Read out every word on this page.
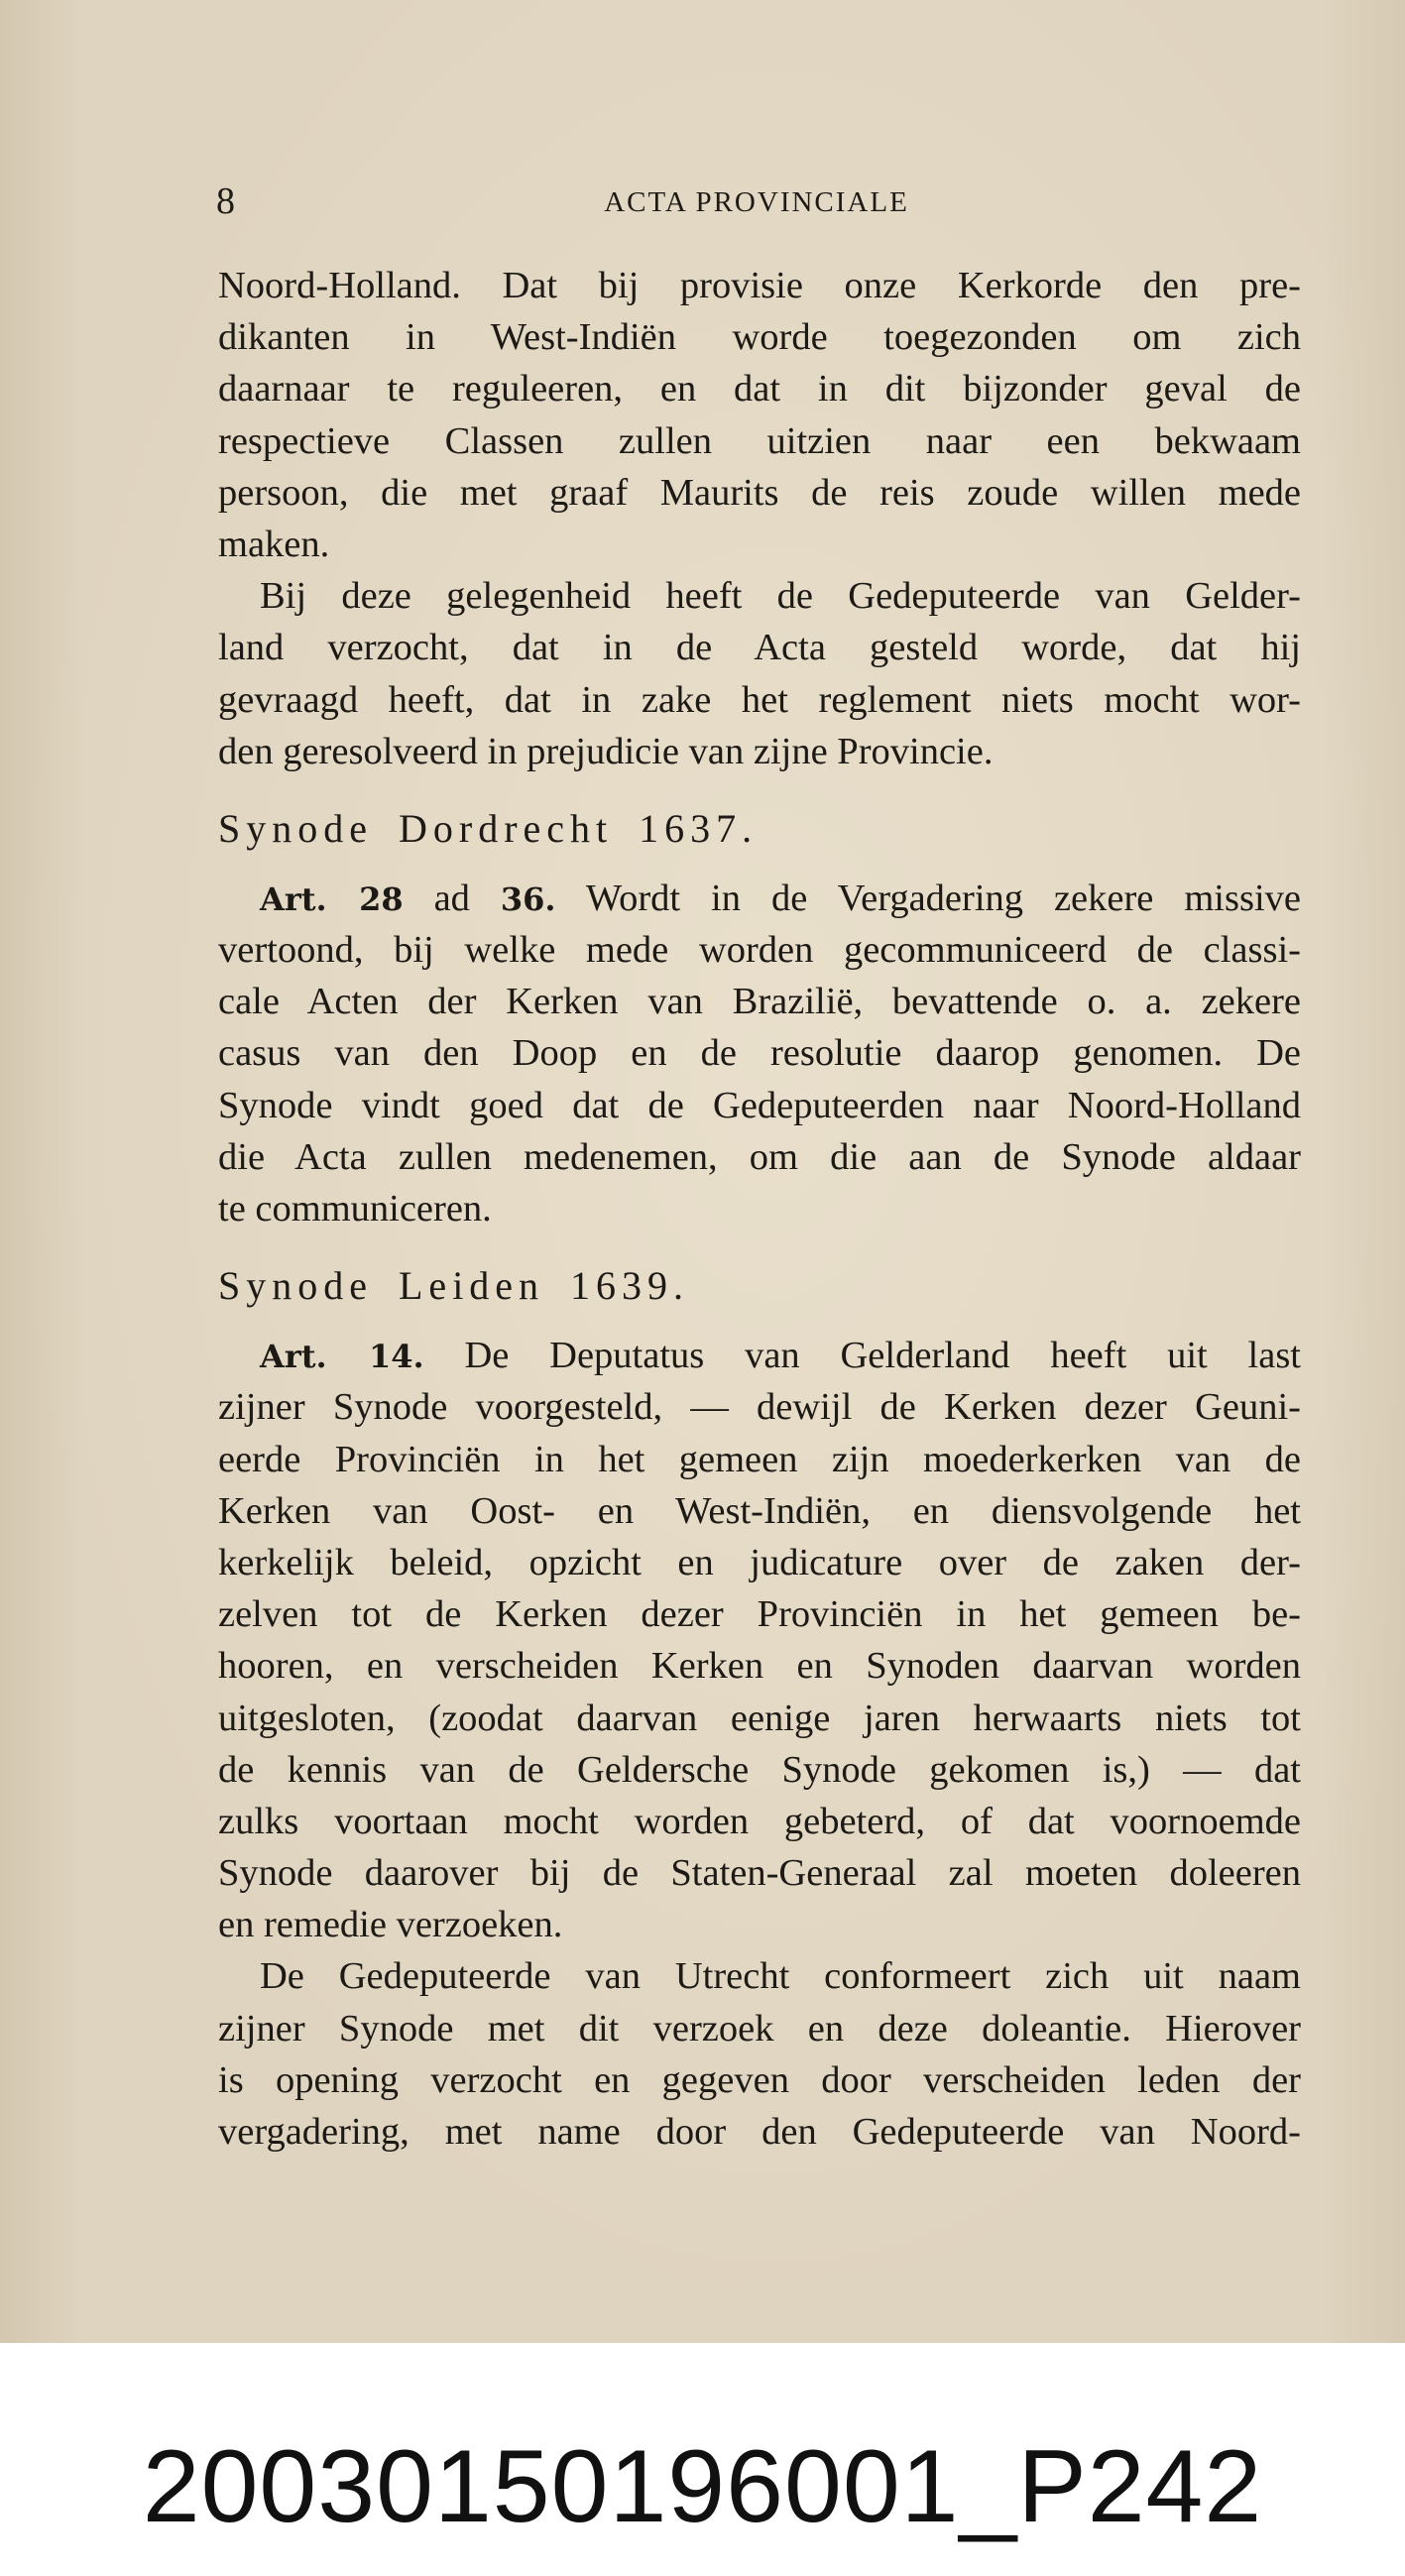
8	ACTA PROVINCIALE
Noord-Holland. Dat bij provisie onze Kerkorde den pre-
dikanten in West-Indiën worde toegezonden om zich
daarnaar te reguleeren, en dat in dit bijzonder geval de
respectieve Classen zullen uitzien naar een bekwaam
persoon, die met graaf Maurits de reis zoude willen mede
maken.
Bij deze gelegenheid heeft de Gedeputeerde van Gelder-
land verzocht, dat in de Acta gesteld worde, dat hij
gevraagd heeft, dat in zake het reglement niets mocht wor-
den geresolveerd in prejudicie van zijne Provincie.
Synode Dordrecht 1637.
Art. 28 ad 36. Wordt in de Vergadering zekere missive
vertoond, bij welke mede worden gecommuniceerd de classi-
cale Acten der Kerken van Brazilië, bevattende o. a. zekere
casus van den Doop en de resolutie daarop genomen. De
Synode vindt goed dat de Gedeputeerden naar Noord-Holland
die Acta zullen medenemen, om die aan de Synode aldaar
te communiceren.
Synode Leiden 1639.
Art. 14. De Deputatus van Gelderland heeft uit last
zijner Synode voorgesteld, — dewijl de Kerken dezer Geuni-
eerde Provinciën in het gemeen zijn moederkerken van de
Kerken van Oost- en West-Indiën, en diensvolgende het
kerkelijk beleid, opzicht en judicature over de zaken der-
zelven tot de Kerken dezer Provinciën in het gemeen be-
hooren, en verscheiden Kerken en Synoden daarvan worden
uitgesloten, (zoodat daarvan eenige jaren herwaarts niets tot
de kennis van de Geldersche Synode gekomen is,) — dat
zulks voortaan mocht worden gebeterd, of dat voornoemde
Synode daarover bij de Staten-Generaal zal moeten doleeren
en remedie verzoeken.
De Gedeputeerde van Utrecht conformeert zich uit naam
zijner Synode met dit verzoek en deze doleantie. Hierover
is opening verzocht en gegeven door verscheiden leden der
vergadering, met name door den Gedeputeerde van Noord-
20030150196001_P242
